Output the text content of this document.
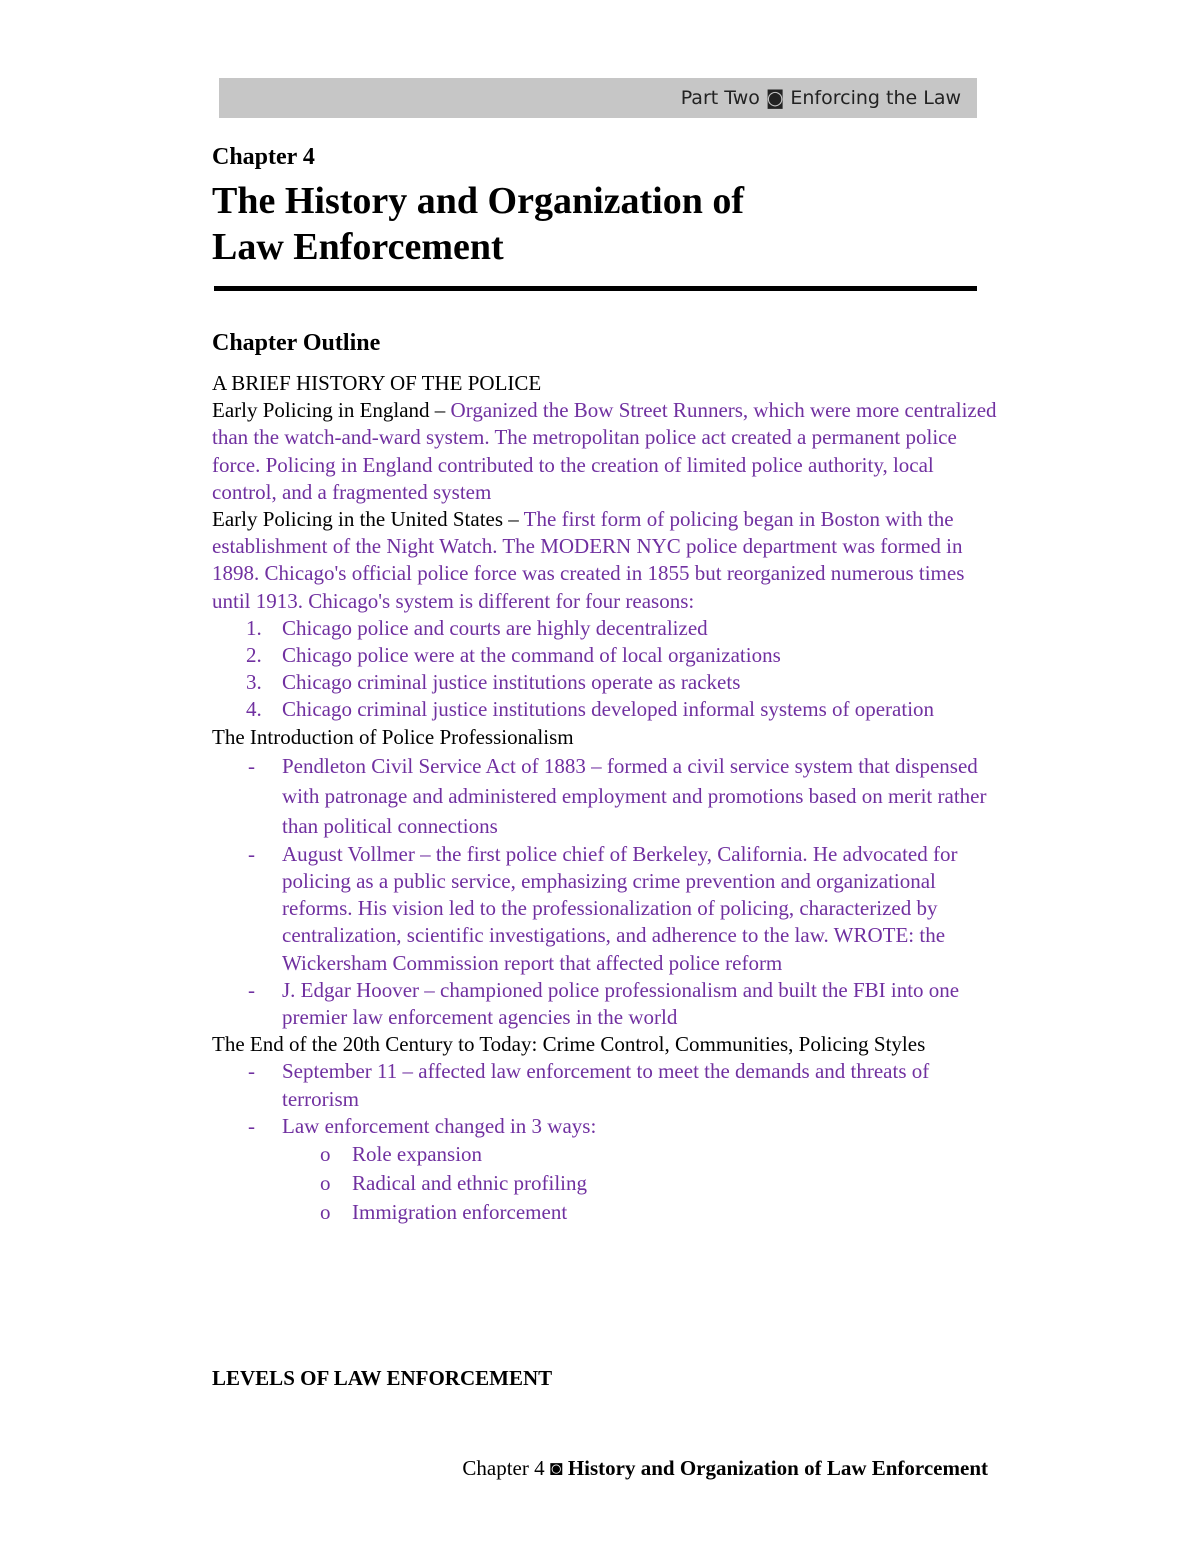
Part Two ◙ Enforcing the Law
Chapter 4
The History and Organization of
Law Enforcement
Chapter Outline
A BRIEF HISTORY OF THE POLICE
Early Policing in England – Organized the Bow Street Runners, which were more centralized than the watch-and-ward system. The metropolitan police act created a permanent police force. Policing in England contributed to the creation of limited police authority, local control, and a fragmented system
Early Policing in the United States – The first form of policing began in Boston with the establishment of the Night Watch. The MODERN NYC police department was formed in 1898. Chicago's official police force was created in 1855 but reorganized numerous times until 1913. Chicago's system is different for four reasons:
1. Chicago police and courts are highly decentralized
2. Chicago police were at the command of local organizations
3. Chicago criminal justice institutions operate as rackets
4. Chicago criminal justice institutions developed informal systems of operation
The Introduction of Police Professionalism
- Pendleton Civil Service Act of 1883 – formed a civil service system that dispensed with patronage and administered employment and promotions based on merit rather than political connections
- August Vollmer – the first police chief of Berkeley, California. He advocated for policing as a public service, emphasizing crime prevention and organizational reforms. His vision led to the professionalization of policing, characterized by centralization, scientific investigations, and adherence to the law. WROTE: the Wickersham Commission report that affected police reform
- J. Edgar Hoover – championed police professionalism and built the FBI into one premier law enforcement agencies in the world
The End of the 20th Century to Today: Crime Control, Communities, Policing Styles
- September 11 – affected law enforcement to meet the demands and threats of terrorism
- Law enforcement changed in 3 ways:
o Role expansion
o Radical and ethnic profiling
o Immigration enforcement
LEVELS OF LAW ENFORCEMENT
Chapter 4 ◙ History and Organization of Law Enforcement
